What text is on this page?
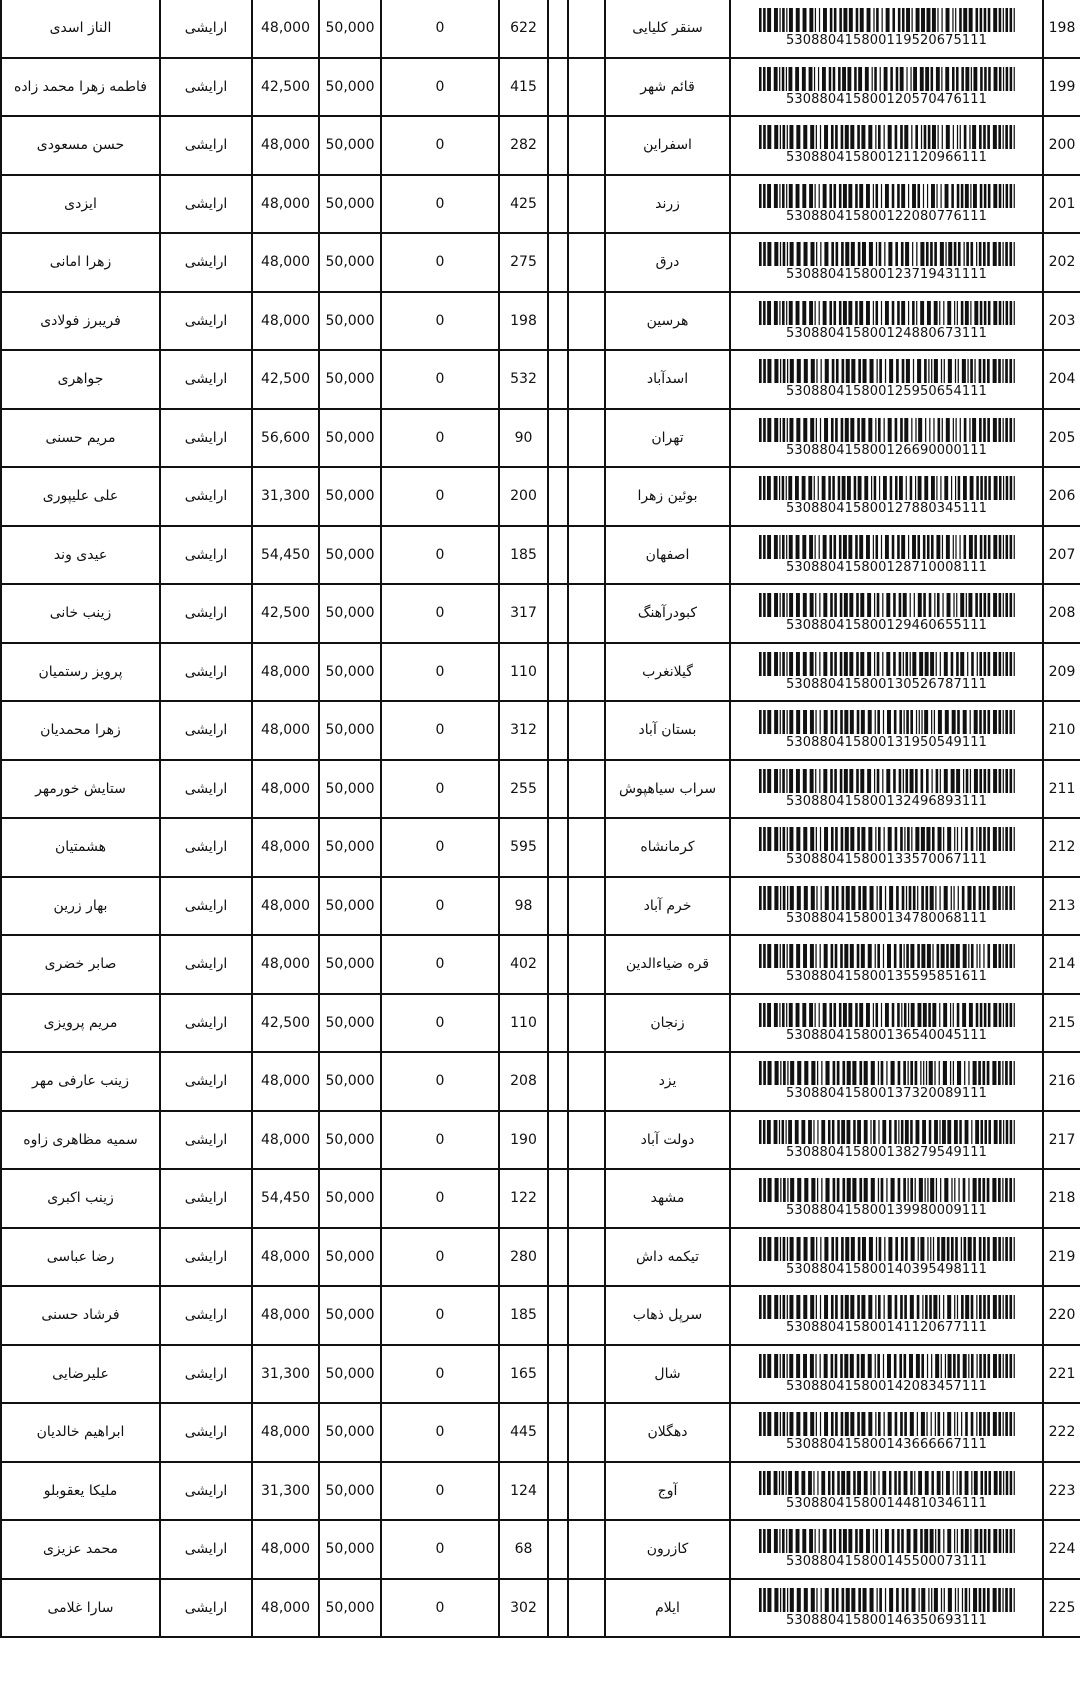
الناز اسدی	ارایشی	48,000	50,000	0	622			سنقر کلیایی	530880415800119520675111	198
فاطمه زهرا محمد زاده	ارایشی	42,500	50,000	0	415			قائم شهر	530880415800120570476111	199
حسن مسعودی	ارایشی	48,000	50,000	0	282			اسفراین	530880415800121120966111	200
ایزدی	ارایشی	48,000	50,000	0	425			زرند	530880415800122080776111	201
زهرا امانی	ارایشی	48,000	50,000	0	275			درق	530880415800123719431111	202
فریبرز فولادی	ارایشی	48,000	50,000	0	198			هرسین	530880415800124880673111	203
جواهری	ارایشی	42,500	50,000	0	532			اسدآباد	530880415800125950654111	204
مریم حسنی	ارایشی	56,600	50,000	0	90			تهران	530880415800126690000111	205
علی علیپوری	ارایشی	31,300	50,000	0	200			بوئین زهرا	530880415800127880345111	206
عیدی وند	ارایشی	54,450	50,000	0	185			اصفهان	530880415800128710008111	207
زینب خانی	ارایشی	42,500	50,000	0	317			کبودرآهنگ	530880415800129460655111	208
پرویز رستمیان	ارایشی	48,000	50,000	0	110			گیلانغرب	530880415800130526787111	209
زهرا محمدیان	ارایشی	48,000	50,000	0	312			بستان آباد	530880415800131950549111	210
ستایش خورمهر	ارایشی	48,000	50,000	0	255			سراب سیاهپوش	530880415800132496893111	211
هشمتیان	ارایشی	48,000	50,000	0	595			کرمانشاه	530880415800133570067111	212
بهار زرین	ارایشی	48,000	50,000	0	98			خرم آباد	530880415800134780068111	213
صابر خضری	ارایشی	48,000	50,000	0	402			قره ضیاءالدین	530880415800135595851611	214
مریم پرویزی	ارایشی	42,500	50,000	0	110			زنجان	530880415800136540045111	215
زینب عارفی مهر	ارایشی	48,000	50,000	0	208			یزد	530880415800137320089111	216
سمیه مظاهری زاوه	ارایشی	48,000	50,000	0	190			دولت آباد	530880415800138279549111	217
زینب اکبری	ارایشی	54,450	50,000	0	122			مشهد	530880415800139980009111	218
رضا عباسی	ارایشی	48,000	50,000	0	280			تیکمه داش	530880415800140395498111	219
فرشاد حسنی	ارایشی	48,000	50,000	0	185			سرپل ذهاب	530880415800141120677111	220
علیرضایی	ارایشی	31,300	50,000	0	165			شال	530880415800142083457111	221
ابراهیم خالدیان	ارایشی	48,000	50,000	0	445			دهگلان	530880415800143666667111	222
ملیکا یعقوبلو	ارایشی	31,300	50,000	0	124			آوج	530880415800144810346111	223
محمد عزیزی	ارایشی	48,000	50,000	0	68			کازرون	530880415800145500073111	224
سارا غلامی	ارایشی	48,000	50,000	0	302			ایلام	530880415800146350693111	225
